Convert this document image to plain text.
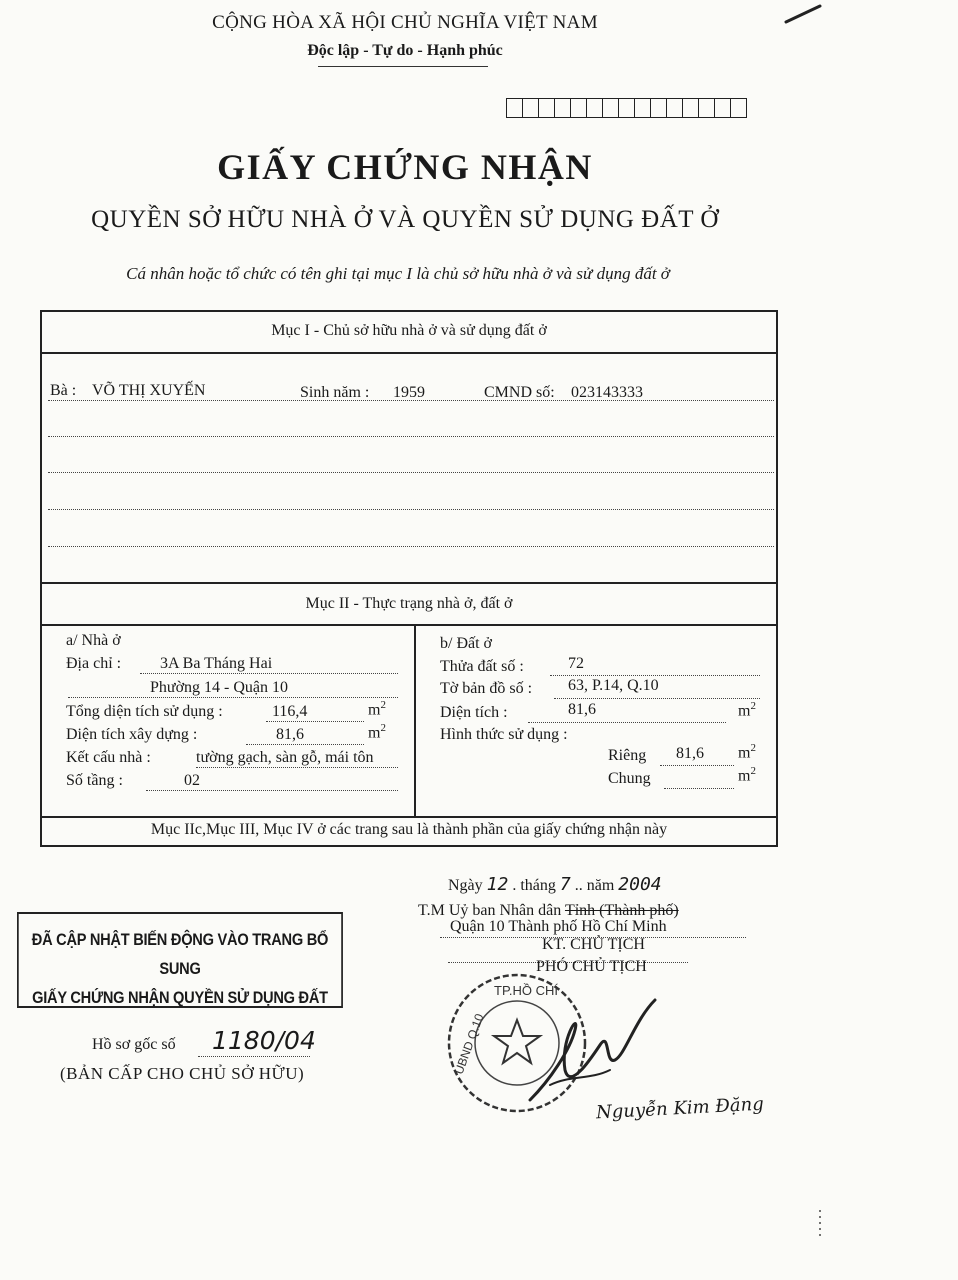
CỘNG HÒA XÃ HỘI CHỦ NGHĨA VIỆT NAM
Độc lập - Tự do - Hạnh phúc
GIẤY CHỨNG NHẬN
QUYỀN SỞ HỮU NHÀ Ở VÀ QUYỀN SỬ DỤNG ĐẤT Ở
Cá nhân hoặc tổ chức có tên ghi tại mục I là chủ sở hữu nhà ở và sử dụng đất ở
Mục I - Chủ sở hữu nhà ở và sử dụng đất ở
Bà : VÕ THỊ XUYẾN	Sinh năm : 1959	CMND số: 023143333
Mục II - Thực trạng nhà ở, đất ở
a/ Nhà ở
Địa chỉ : 3A Ba Tháng Hai
Phường 14 - Quận 10
Tổng diện tích sử dụng :	116,4	$m^2$
Diện tích xây dựng :	81,6	$m^2$
Kết cấu nhà :	tường gạch, sàn gỗ, mái tôn
Số tầng :	02
b/ Đất ở
Thửa đất số :	72
Tờ bản đồ số : 63, P.14, Q.10
Diện tích :	81,6	$m^2$
Hình thức sử dụng :
Riêng 81,6 $m^2$
Chung	$m^2$
Mục IIc,Mục III, Mục IV ở các trang sau là thành phần của giấy chứng nhận này
Ngày 12 . tháng 7 .. năm 2004
T.M Uỷ ban Nhân dân Tỉnh (Thành phố)
Quận 10 Thành phố Hồ Chí Minh
KT. CHỦ TỊCH
PHÓ CHỦ TỊCH
TP.HỒ CHÍ
UBND Q.10
Nguyễn Kim Đặng
ĐÃ CẬP NHẬT BIẾN ĐỘNG VÀO TRANG BỔ SUNG
GIẤY CHỨNG NHẬN QUYỀN SỬ DỤNG ĐẤT
Hồ sơ gốc số 1180/04
(BẢN CẤP CHO CHỦ SỞ HỮU)
